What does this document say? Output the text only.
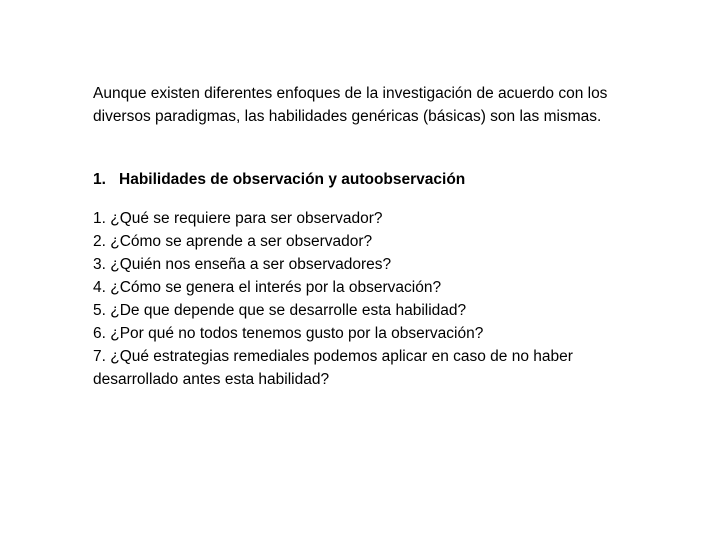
Aunque existen diferentes enfoques de la investigación de acuerdo con los diversos paradigmas, las habilidades genéricas (básicas) son las mismas.

1. Habilidades de observación y autoobservación

1. ¿Qué se requiere para ser observador?
2. ¿Cómo se aprende a ser observador?
3. ¿Quién nos enseña a ser observadores?
4. ¿Cómo se genera el interés por la observación?
5. ¿De que depende que se desarrolle esta habilidad?
6. ¿Por qué no todos tenemos gusto por la observación?
7. ¿Qué estrategias remediales podemos aplicar en caso de no haber desarrollado antes esta habilidad?
